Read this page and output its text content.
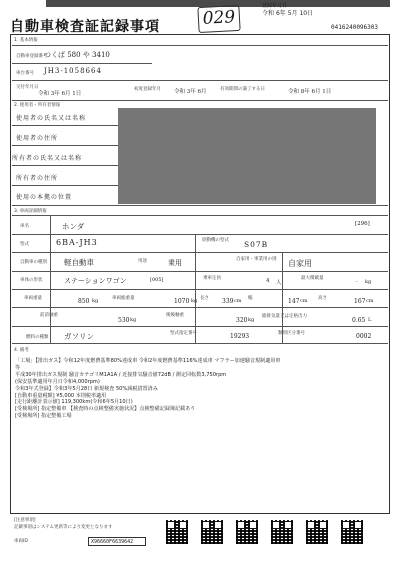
登録年月日
029	令和 6年 5月 10日
自動車検査証記録事項	0416240096303
1. 基本情報
自動車登録番号
つくば 580 や 3410
車台番号 JH3-1058664
交付年月日
令和 3年 6月 1日
初度登録年月 令和 3年 6月	有効期間の満了する日	令和 8年 6月 1日
2. 使用者・所有者情報
使用者の氏名又は名称
使用者の住所
所有者の氏名又は名称
所有者の住所
使用の本拠の位置
3. 車両詳細情報
車名	ホンダ	[296]
型式	6BA-JH3	原動機の型式 S07B
自動車の種別 軽自動車	用途	乗用	自家用・事業用の別 自家用
車体の形状	ステーションワゴン	[005]	乗車定員	4 人
最大積載量
- kg
車両重量	850 kg	車両総重量	1070 kg 長さ 339 cm 幅	147 cm 高さ	167 cm
前前軸重
530 kg
後後軸重
320 kg
総排気量又は定格出力
0.65 L
燃料の種類 ガソリン	型式指定番号	19293	類別区分番号	0002
4. 備考
「工場」【排出ガス】令和12年度燃費基準80%達成車 令和2年度燃費基準116%達成車 マフラー加速騒音規制適用車
等
平成30年排出ガス規制 騒音カテゴリM1A1A / 近接排気騒音値72dB / 測定回転数3,750rpm
(保安基準適用年月日令和4,000rpm)
令和3年式登録】令和3年5月28日 新規検査 50%減税措置済み
[自動車重量税額] ¥5,000 本則税率適用
[走行距離計表示値] 119,300km(令和6年5月10日)
[受検場所] 指定整備車 【検査時の点検整備実施状況】点検整備記録簿記載あり
[受検場所] 指定整備工場
[注意事項]
記載事項はシステム更新等により変更となります
車両ID	X96660F6639642
